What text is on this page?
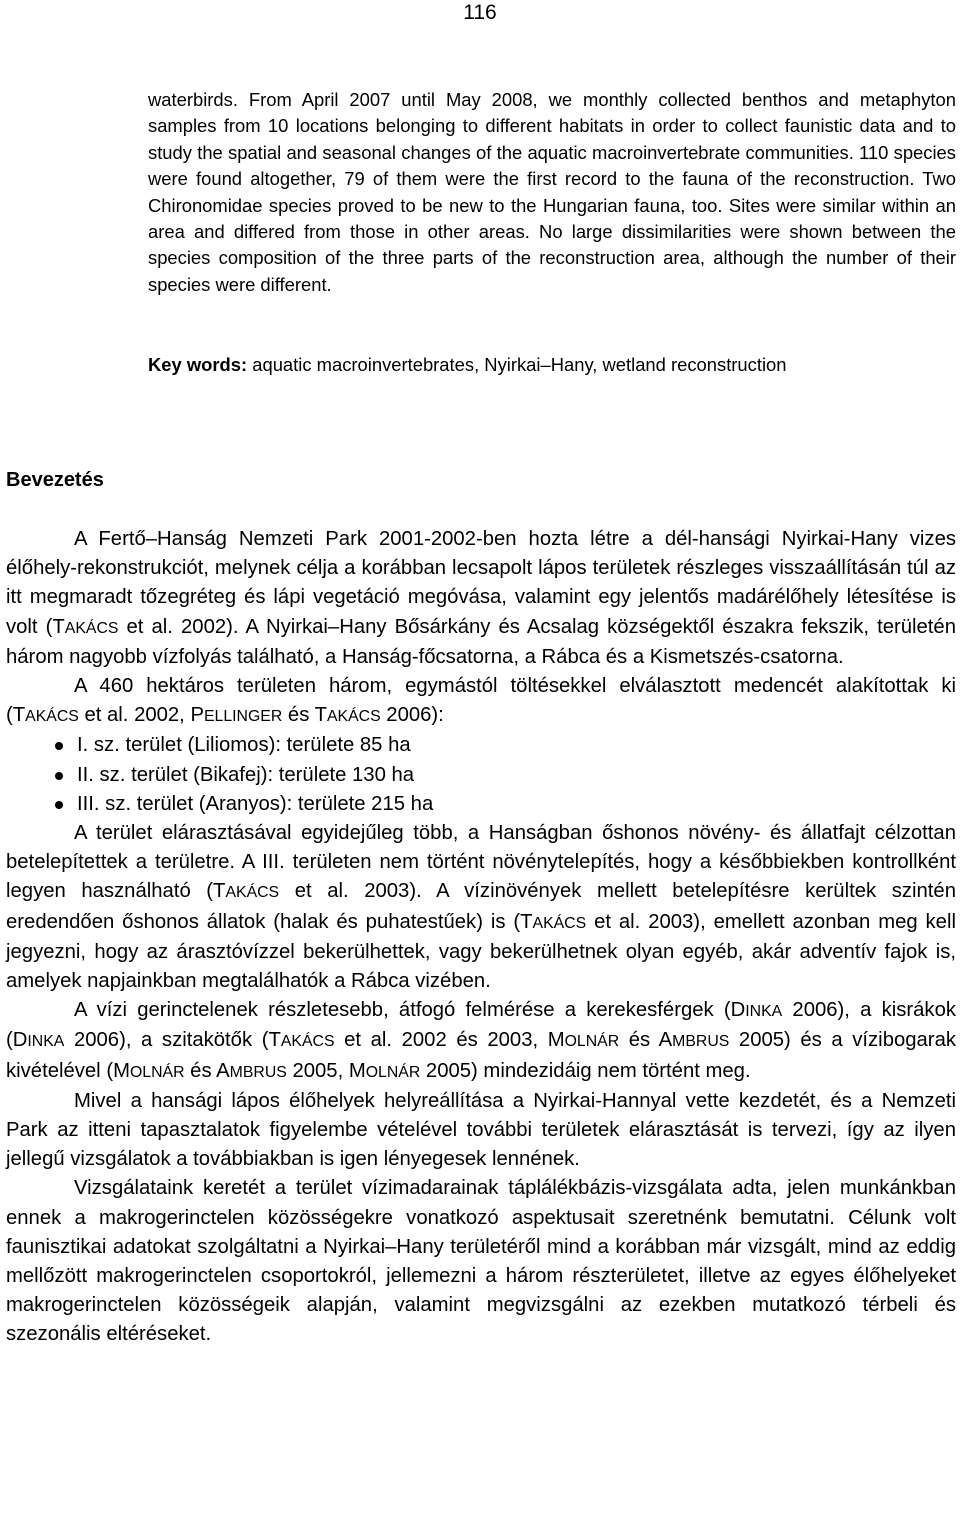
116

waterbirds. From April 2007 until May 2008, we monthly collected benthos and metaphyton samples from 10 locations belonging to different habitats in order to collect faunistic data and to study the spatial and seasonal changes of the aquatic macroinvertebrate communities. 110 species were found altogether, 79 of them were the first record to the fauna of the reconstruction. Two Chironomidae species proved to be new to the Hungarian fauna, too. Sites were similar within an area and differed from those in other areas. No large dissimilarities were shown between the species composition of the three parts of the reconstruction area, although the number of their species were different.

Key words: aquatic macroinvertebrates, Nyirkai–Hany, wetland reconstruction

Bevezetés

A Fertő–Hanság Nemzeti Park 2001-2002-ben hozta létre a dél-hansági Nyirkai-Hany vizes élőhely-rekonstrukciót, melynek célja a korábban lecsapolt lápos területek részleges visszaállításán túl az itt megmaradt tőzegréteg és lápi vegetáció megóvása, valamint egy jelentős madárélőhely létesítése is volt (TAKÁCS et al. 2002). A Nyirkai–Hany Bősárkány és Acsalag községektől északra fekszik, területén három nagyobb vízfolyás található, a Hanság-főcsatorna, a Rábca és a Kismetszés-csatorna.

A 460 hektáros területen három, egymástól töltésekkel elválasztott medencét alakítottak ki (TAKÁCS et al. 2002, PELLINGER és TAKÁCS 2006):

I. sz. terület (Liliomos): területe 85 ha
II. sz. terület (Bikafej): területe 130 ha
III. sz. terület (Aranyos): területe 215 ha

A terület elárasztásával egyidejűleg több, a Hanságban őshonos növény- és állatfajt célzottan betelepítettek a területre. A III. területen nem történt növénytelepítés, hogy a későbbiekben kontrollként legyen használható (TAKÁCS et al. 2003). A vízinövények mellett betelepítésre kerültek szintén eredendően őshonos állatok (halak és puhatestűek) is (TAKÁCS et al. 2003), emellett azonban meg kell jegyezni, hogy az árasztóvízzel bekerülhettek, vagy bekerülhetnek olyan egyéb, akár adventív fajok is, amelyek napjainkban megtalálhatók a Rábca vizében.

A vízi gerinctelenek részletesebb, átfogó felmérése a kerekesférgek (DINKA 2006), a kisrákok (DINKA 2006), a szitakötők (TAKÁCS et al. 2002 és 2003, MOLNÁR és AMBRUS 2005) és a vízibogarak kivételével (MOLNÁR és AMBRUS 2005, MOLNÁR 2005) mindezidáig nem történt meg.

Mivel a hansági lápos élőhelyek helyreállítása a Nyirkai-Hannyal vette kezdetét, és a Nemzeti Park az itteni tapasztalatok figyelembe vételével további területek elárasztását is tervezi, így az ilyen jellegű vizsgálatok a továbbiakban is igen lényegesek lennének.

Vizsgálataink keretét a terület vízimadarainak táplálékbázis-vizsgálata adta, jelen munkánkban ennek a makrogerinctelen közösségekre vonatkozó aspektusait szeretnénk bemutatni. Célunk volt faunisztikai adatokat szolgáltatni a Nyirkai–Hany területéről mind a korábban már vizsgált, mind az eddig mellőzött makrogerinctelen csoportokról, jellemezni a három részterületet, illetve az egyes élőhelyeket makrogerinctelen közösségeik alapján, valamint megvizsgálni az ezekben mutatkozó térbeli és szezonális eltéréseket.
